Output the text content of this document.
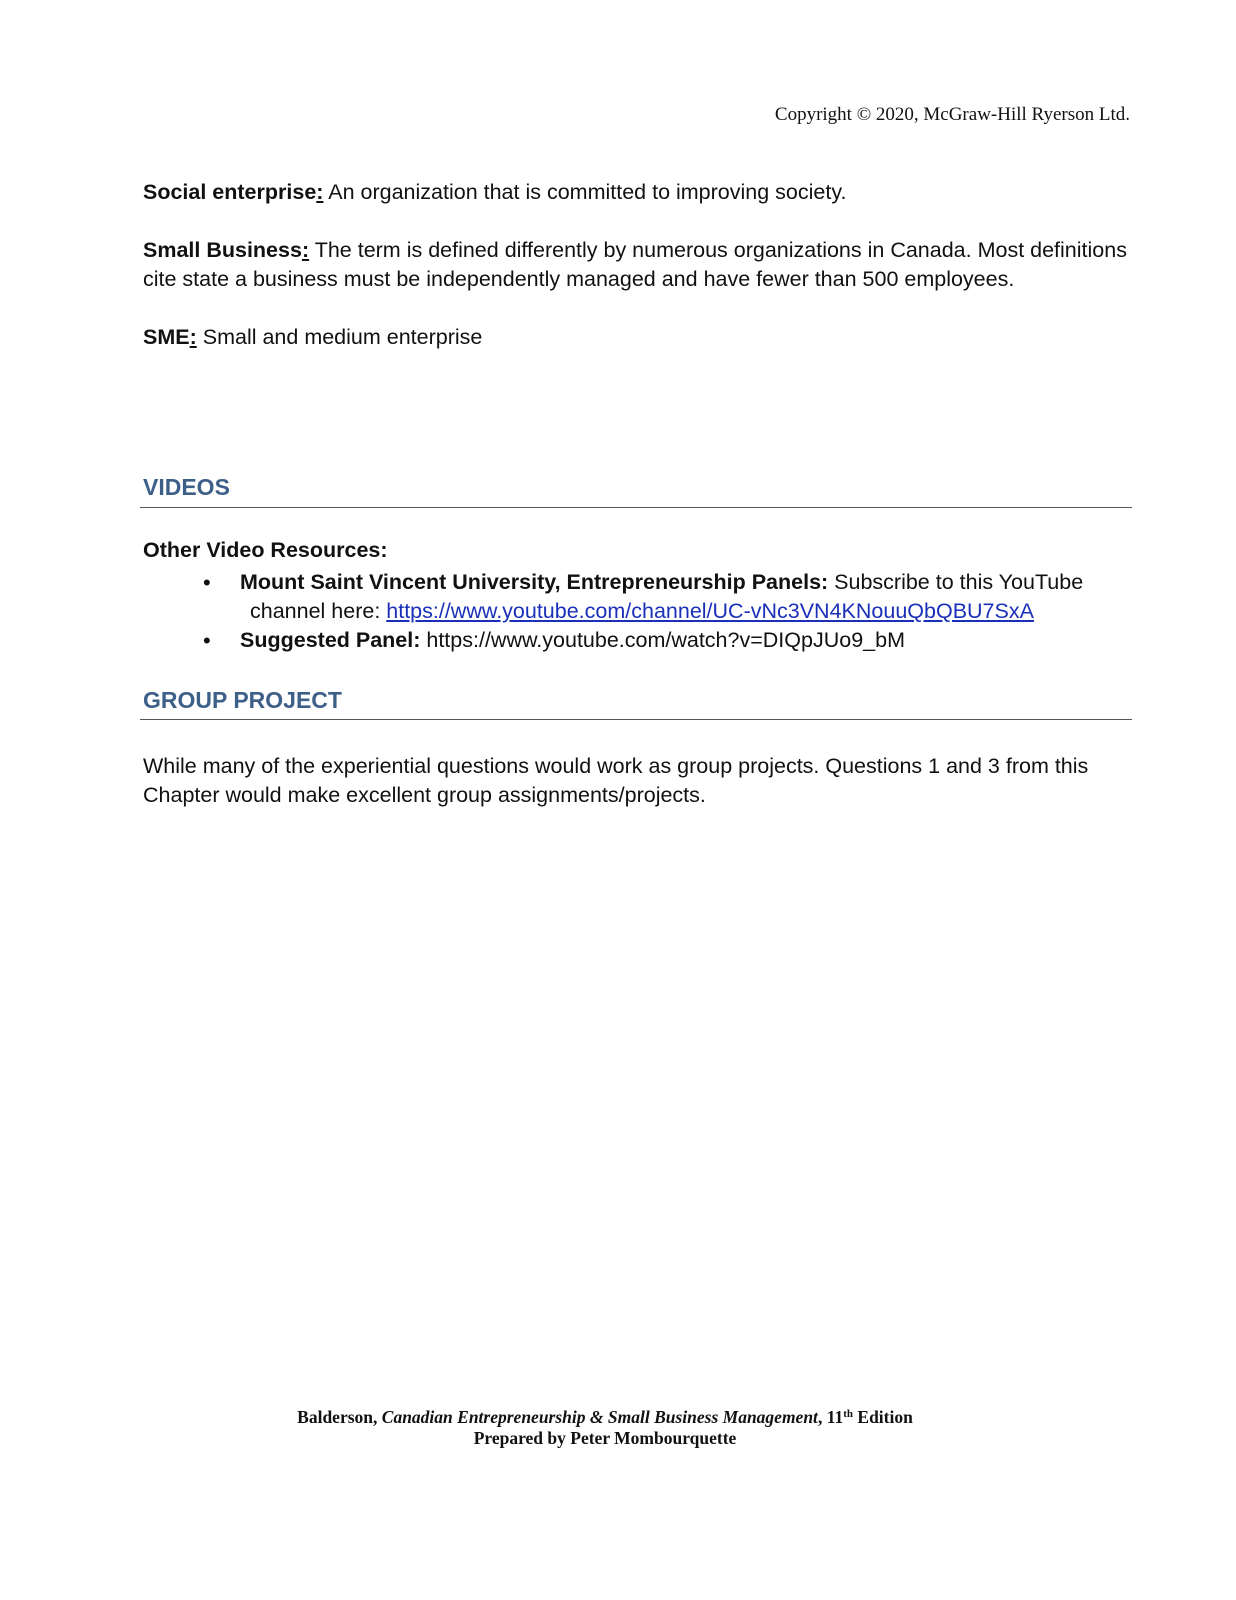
Copyright © 2020, McGraw-Hill Ryerson Ltd.

Social enterprise: An organization that is committed to improving society.

Small Business: The term is defined differently by numerous organizations in Canada. Most definitions cite state a business must be independently managed and have fewer than 500 employees.

SME: Small and medium enterprise

VIDEOS
Other Video Resources:
• Mount Saint Vincent University, Entrepreneurship Panels: Subscribe to this YouTube
channel here: https://www.youtube.com/channel/UC-vNc3VN4KNouuQbQBU7SxA
• Suggested Panel: https://www.youtube.com/watch?v=DIQpJUo9_bM
GROUP PROJECT
While many of the experiential questions would work as group projects. Questions 1 and 3 from this Chapter would make excellent group assignments/projects.
Balderson, Canadian Entrepreneurship & Small Business Management, 11th Edition
Prepared by Peter Mombourquette
